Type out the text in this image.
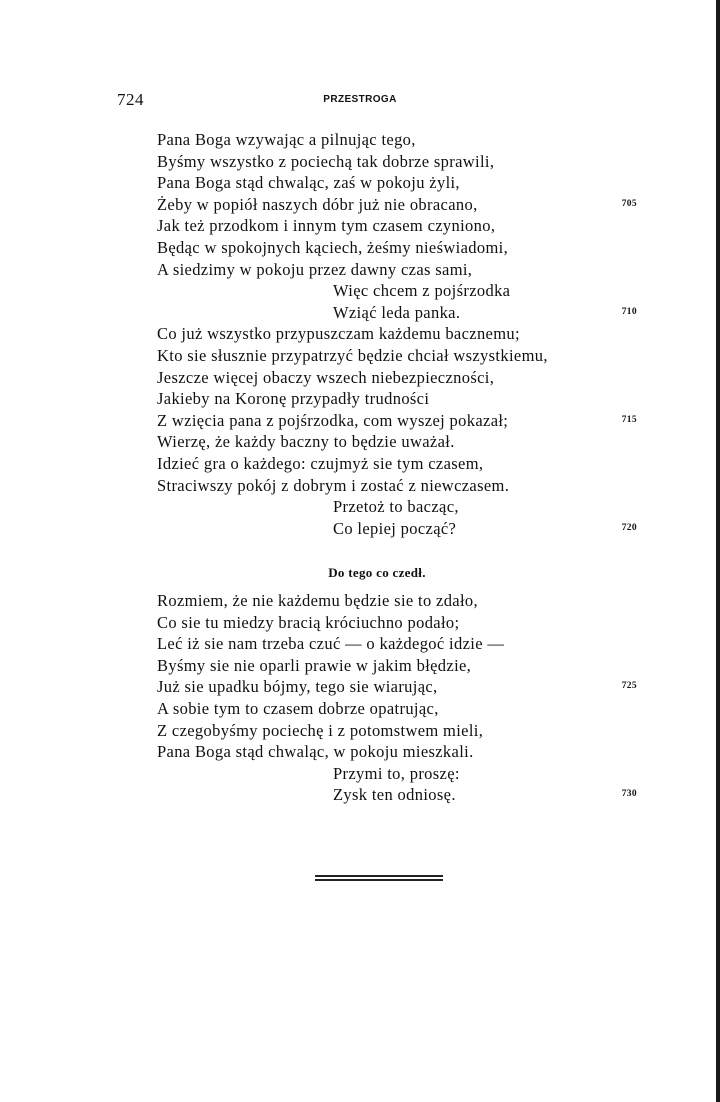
724	PRZESTROGA
Pana Boga wzywając a pilnując tego,
Byśmy wszystko z pociechą tak dobrze sprawili,
Pana Boga stąd chwaląc, zaś w pokoju żyli,
Żeby w popiół naszych dóbr już nie obracano,	705
Jak też przodkom i innym tym czasem czyniono,
Będąc w spokojnych kąciech, żeśmy nieświadomi,
A siedzimy w pokoju przez dawny czas sami,
Więc chcem z pojśrzodka
Wziąć leda panka.	710
Co już wszystko przypuszczam każdemu bacznemu;
Kto sie słusznie przypatrzyć będzie chciał wszystkiemu,
Jeszcze więcej obaczy wszech niebezpieczności,
Jakieby na Koronę przypadły trudności
Z wzięcia pana z pojśrzodka, com wyszej pokazał;	715
Wierzę, że każdy baczny to będzie uważał.
Idzieć gra o każdego: czujmyż sie tym czasem,
Straciwszy pokój z dobrym i zostać z niewczasem.
Przetoż to bacząc,
Co lepiej począć?	720
Do tego co czedł.
Rozmiem, że nie każdemu będzie sie to zdało,
Co sie tu miedzy bracią króciuchno podało;
Leć iż sie nam trzeba czuć — o każdegoć idzie —
Byśmy sie nie oparli prawie w jakim błędzie,
Już sie upadku bójmy, tego sie wiarując,	725
A sobie tym to czasem dobrze opatrując,
Z czegobyśmy pociechę i z potomstwem mieli,
Pana Boga stąd chwaląc, w pokoju mieszkali.
Przymi to, proszę:
Zysk ten odniosę.	730
